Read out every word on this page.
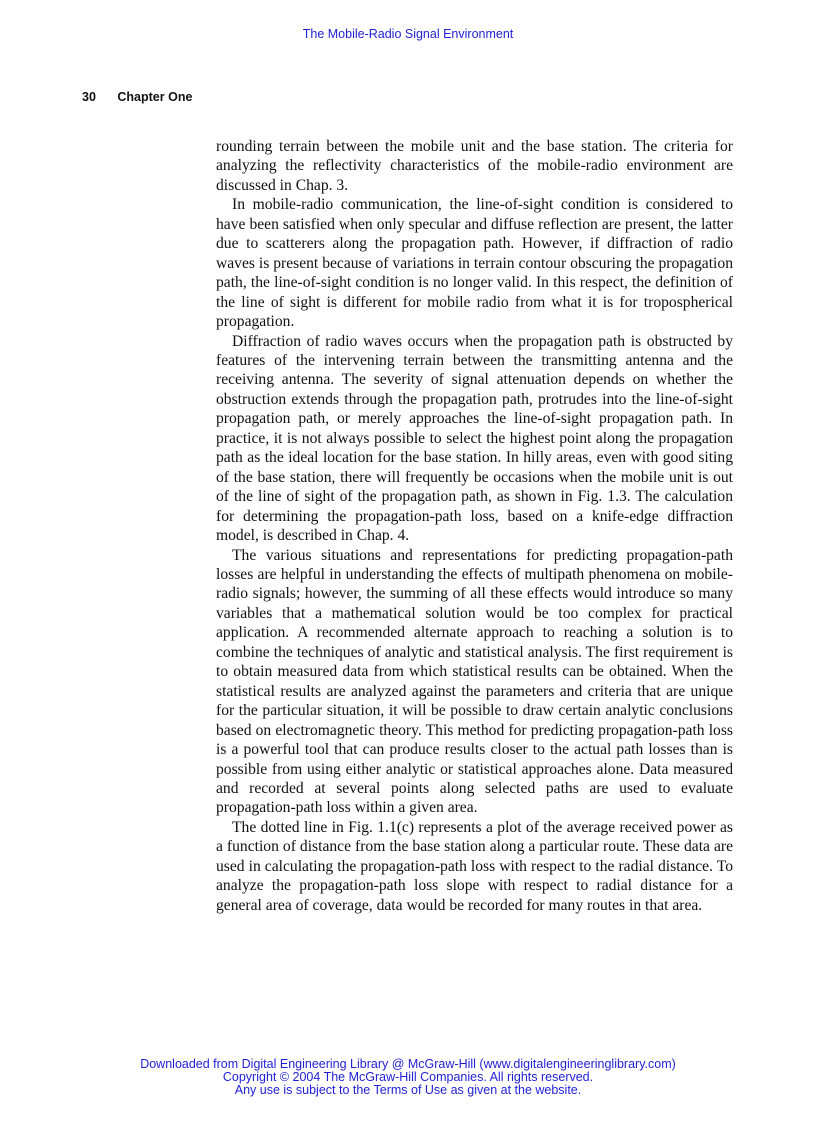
The Mobile-Radio Signal Environment
30 Chapter One

rounding terrain between the mobile unit and the base station. The criteria for analyzing the reflectivity characteristics of the mobile-radio environment are discussed in Chap. 3.

In mobile-radio communication, the line-of-sight condition is considered to have been satisfied when only specular and diffuse reflection are present, the latter due to scatterers along the propagation path. However, if diffraction of radio waves is present because of variations in terrain contour obscuring the propagation path, the line-of-sight condition is no longer valid. In this respect, the definition of the line of sight is different for mobile radio from what it is for tropospherical propagation.

Diffraction of radio waves occurs when the propagation path is obstructed by features of the intervening terrain between the transmitting antenna and the receiving antenna. The severity of signal attenuation depends on whether the obstruction extends through the propagation path, protrudes into the line-of-sight propagation path, or merely approaches the line-of-sight propagation path. In practice, it is not always possible to select the highest point along the propagation path as the ideal location for the base station. In hilly areas, even with good siting of the base station, there will frequently be occasions when the mobile unit is out of the line of sight of the propagation path, as shown in Fig. 1.3. The calculation for determining the propagation-path loss, based on a knife-edge diffraction model, is described in Chap. 4.

The various situations and representations for predicting propagation-path losses are helpful in understanding the effects of multipath phenomena on mobile-radio signals; however, the summing of all these effects would introduce so many variables that a mathematical solution would be too complex for practical application. A recommended alternate approach to reaching a solution is to combine the techniques of analytic and statistical analysis. The first requirement is to obtain measured data from which statistical results can be obtained. When the statistical results are analyzed against the parameters and criteria that are unique for the particular situation, it will be possible to draw certain analytic conclusions based on electromagnetic theory. This method for predicting propagation-path loss is a powerful tool that can produce results closer to the actual path losses than is possible from using either analytic or statistical approaches alone. Data measured and recorded at several points along selected paths are used to evaluate propagation-path loss within a given area.

The dotted line in Fig. 1.1(c) represents a plot of the average received power as a function of distance from the base station along a particular route. These data are used in calculating the propagation-path loss with respect to the radial distance. To analyze the propagation-path loss slope with respect to radial distance for a general area of coverage, data would be recorded for many routes in that area.

Downloaded from Digital Engineering Library @ McGraw-Hill (www.digitalengineeringlibrary.com)
Copyright © 2004 The McGraw-Hill Companies. All rights reserved.
Any use is subject to the Terms of Use as given at the website.
